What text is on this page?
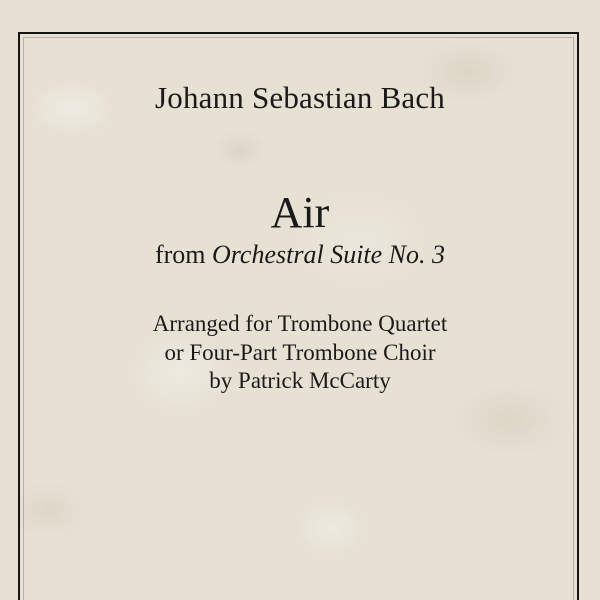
Johann Sebastian Bach
Air
from Orchestral Suite No. 3
Arranged for Trombone Quartet
or Four-Part Trombone Choir
by Patrick McCarty
